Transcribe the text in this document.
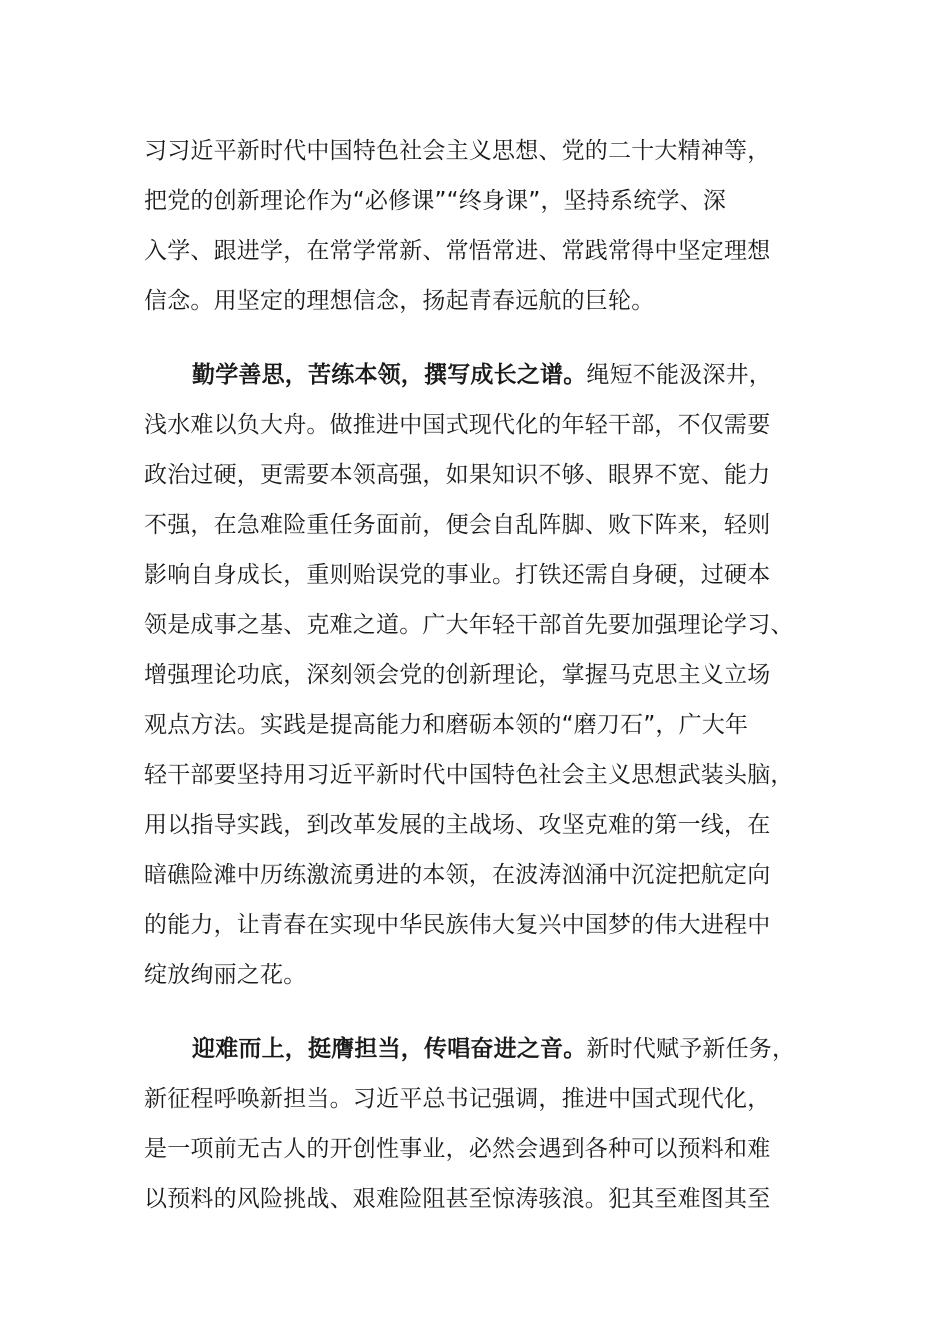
习习近平新时代中国特色社会主义思想、党的二十大精神等，
把党的创新理论作为“必修课”“终身课”，坚持系统学、深
入学、跟进学，在常学常新、常悟常进、常践常得中坚定理想
信念。用坚定的理想信念，扬起青春远航的巨轮。
勤学善思，苦练本领，撰写成长之谱。绳短不能汲深井，
浅水难以负大舟。做推进中国式现代化的年轻干部，不仅需要
政治过硬，更需要本领高强，如果知识不够、眼界不宽、能力
不强，在急难险重任务面前，便会自乱阵脚、败下阵来，轻则
影响自身成长，重则贻误党的事业。打铁还需自身硬，过硬本
领是成事之基、克难之道。广大年轻干部首先要加强理论学习、
增强理论功底，深刻领会党的创新理论，掌握马克思主义立场
观点方法。实践是提高能力和磨砺本领的“磨刀石”，广大年
轻干部要坚持用习近平新时代中国特色社会主义思想武装头脑，
用以指导实践，到改革发展的主战场、攻坚克难的第一线，在
暗礁险滩中历练激流勇进的本领，在波涛汹涌中沉淀把航定向
的能力，让青春在实现中华民族伟大复兴中国梦的伟大进程中
绽放绚丽之花。
迎难而上，挺膺担当，传唱奋进之音。新时代赋予新任务，
新征程呼唤新担当。习近平总书记强调，推进中国式现代化，
是一项前无古人的开创性事业，必然会遇到各种可以预料和难
以预料的风险挑战、艰难险阻甚至惊涛骇浪。犯其至难图其至
